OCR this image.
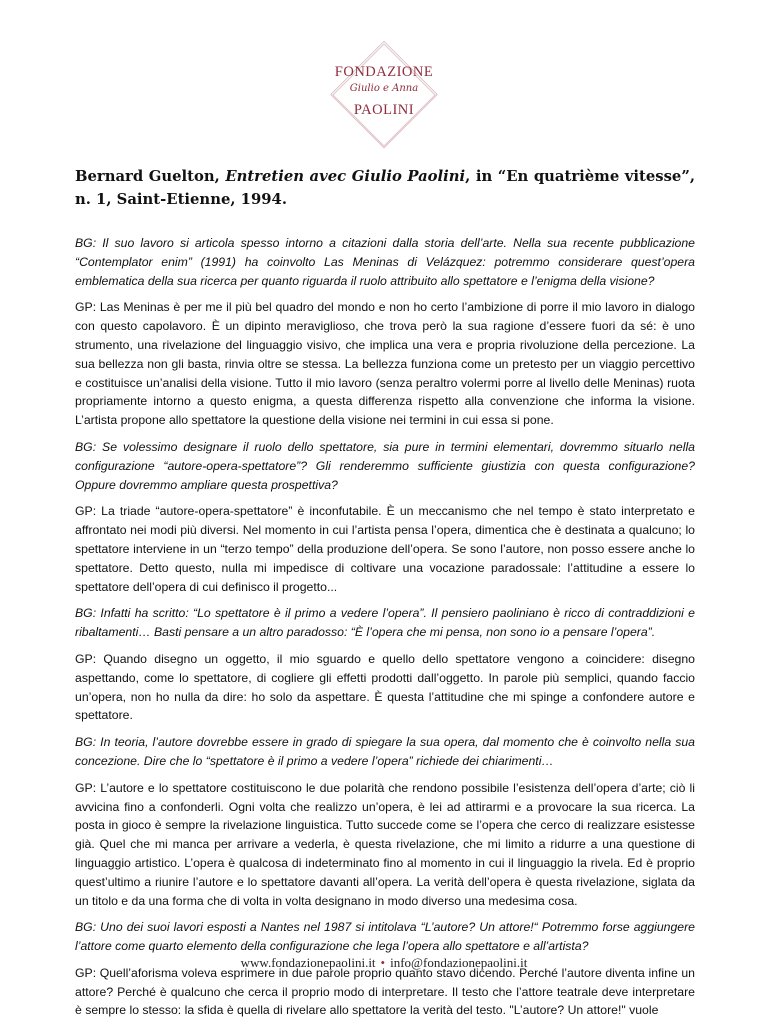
FONDAZIONE
Giulio e Anna
PAOLINI
Bernard Guelton, Entretien avec Giulio Paolini, in “En quatrième vitesse”, n. 1, Saint-Etienne, 1994.

BG: Il suo lavoro si articola spesso intorno a citazioni dalla storia dell’arte. Nella sua recente pubblicazione “Contemplator enim” (1991) ha coinvolto Las Meninas di Velázquez: potremmo considerare quest’opera emblematica della sua ricerca per quanto riguarda il ruolo attribuito allo spettatore e l’enigma della visione?

GP: Las Meninas è per me il più bel quadro del mondo e non ho certo l’ambizione di porre il mio lavoro in dialogo con questo capolavoro. È un dipinto meraviglioso, che trova però la sua ragione d’essere fuori da sé: è uno strumento, una rivelazione del linguaggio visivo, che implica una vera e propria rivoluzione della percezione. La sua bellezza non gli basta, rinvia oltre se stessa. La bellezza funziona come un pretesto per un viaggio percettivo e costituisce un’analisi della visione. Tutto il mio lavoro (senza peraltro volermi porre al livello delle Meninas) ruota propriamente intorno a questo enigma, a questa differenza rispetto alla convenzione che informa la visione. L’artista propone allo spettatore la questione della visione nei termini in cui essa si pone.

BG: Se volessimo designare il ruolo dello spettatore, sia pure in termini elementari, dovremmo situarlo nella configurazione “autore-opera-spettatore”? Gli renderemmo sufficiente giustizia con questa configurazione? Oppure dovremmo ampliare questa prospettiva?

GP: La triade “autore-opera-spettatore” è inconfutabile. È un meccanismo che nel tempo è stato interpretato e affrontato nei modi più diversi. Nel momento in cui l’artista pensa l’opera, dimentica che è destinata a qualcuno; lo spettatore interviene in un “terzo tempo” della produzione dell’opera. Se sono l’autore, non posso essere anche lo spettatore. Detto questo, nulla mi impedisce di coltivare una vocazione paradossale: l’attitudine a essere lo spettatore dell’opera di cui definisco il progetto...

BG: Infatti ha scritto: “Lo spettatore è il primo a vedere l’opera”. Il pensiero paoliniano è ricco di contraddizioni e ribaltamenti… Basti pensare a un altro paradosso: “È l’opera che mi pensa, non sono io a pensare l’opera”.

GP: Quando disegno un oggetto, il mio sguardo e quello dello spettatore vengono a coincidere: disegno aspettando, come lo spettatore, di cogliere gli effetti prodotti dall’oggetto. In parole più semplici, quando faccio un’opera, non ho nulla da dire: ho solo da aspettare. È questa l’attitudine che mi spinge a confondere autore e spettatore.

BG: In teoria, l’autore dovrebbe essere in grado di spiegare la sua opera, dal momento che è coinvolto nella sua concezione. Dire che lo “spettatore è il primo a vedere l’opera” richiede dei chiarimenti…

GP: L’autore e lo spettatore costituiscono le due polarità che rendono possibile l’esistenza dell’opera d’arte; ciò li avvicina fino a confonderli. Ogni volta che realizzo un’opera, è lei ad attirarmi e a provocare la sua ricerca. La posta in gioco è sempre la rivelazione linguistica. Tutto succede come se l’opera che cerco di realizzare esistesse già. Quel che mi manca per arrivare a vederla, è questa rivelazione, che mi limito a ridurre a una questione di linguaggio artistico. L’opera è qualcosa di indeterminato fino al momento in cui il linguaggio la rivela. Ed è proprio quest’ultimo a riunire l’autore e lo spettatore davanti all’opera. La verità dell’opera è questa rivelazione, siglata da un titolo e da una forma che di volta in volta designano in modo diverso una medesima cosa.

BG: Uno dei suoi lavori esposti a Nantes nel 1987 si intitolava “L’autore? Un attore!“ Potremmo forse aggiungere l’attore come quarto elemento della configurazione che lega l’opera allo spettatore e all’artista?

GP: Quell’aforisma voleva esprimere in due parole proprio quanto stavo dicendo. Perché l’autore diventa infine un attore? Perché è qualcuno che cerca il proprio modo di interpretare. Il testo che l’attore teatrale deve interpretare è sempre lo stesso: la sfida è quella di rivelare allo spettatore la verità del testo. "L’autore? Un attore!" vuole

www.fondazionepaolini.it • info@fondazionepaolini.it
